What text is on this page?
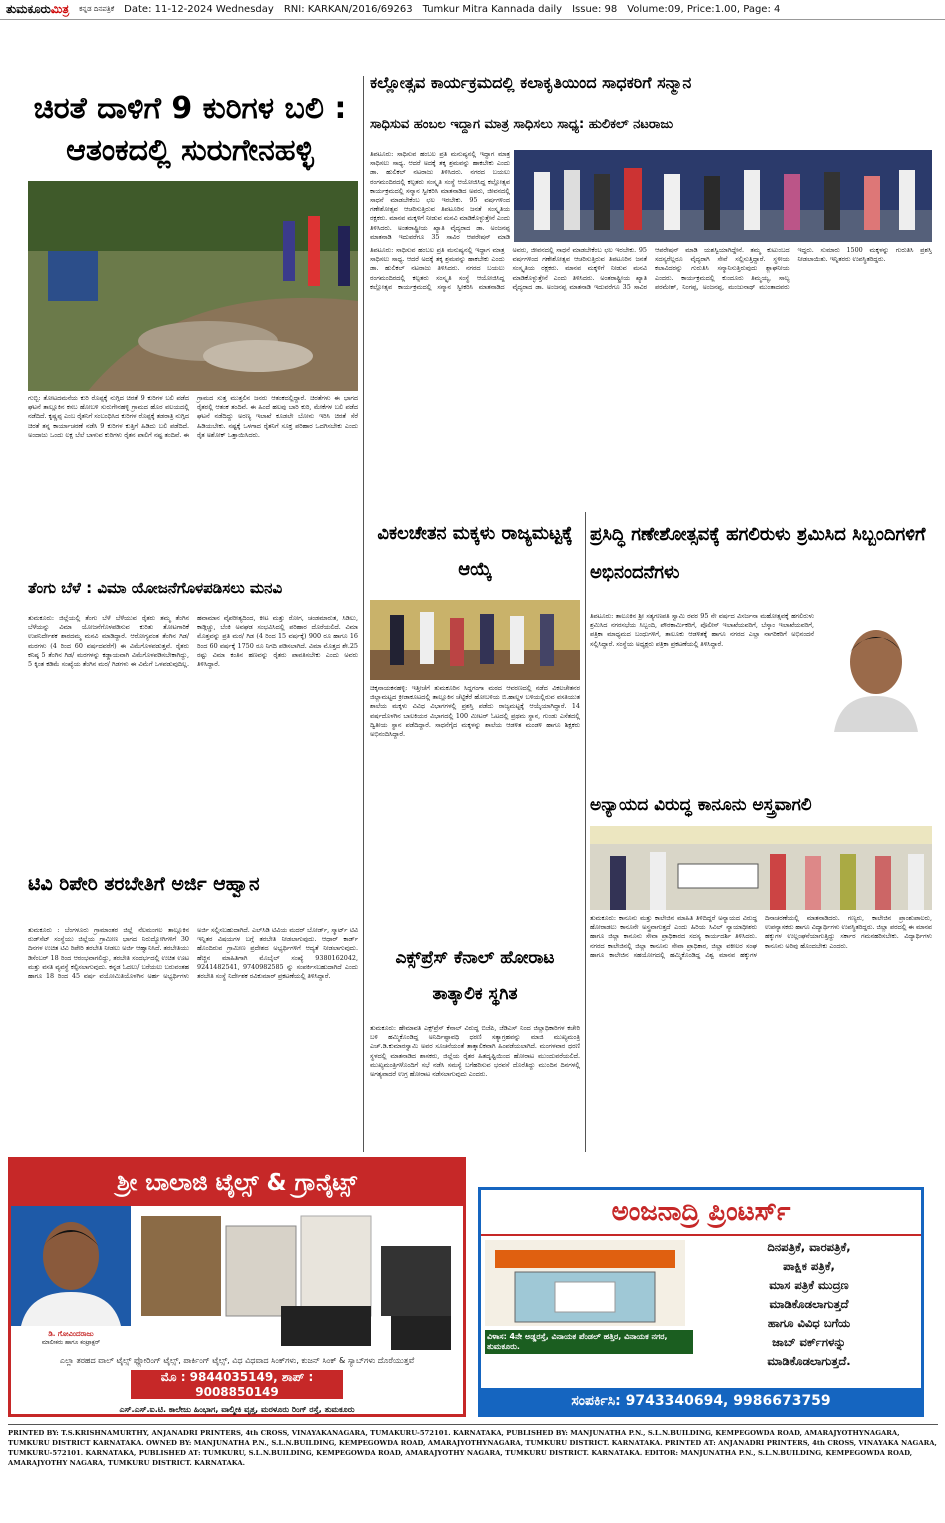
ತುಮಕೂರುಮಿತ್ರ ಕನ್ನಡ ದಿನಪತ್ರಿಕೆ Date: 11-12-2024 Wednesday RNI: KARKAN/2016/69263 Tumkur Mitra Kannada daily Issue: 98 Volume:09, Price:1.00, Page: 4
ಚಿರತೆ ದಾಳಿಗೆ 9 ಕುರಿಗಳ ಬಲಿ : ಆತಂಕದಲ್ಲಿ ಸುರುಗೇನಹಳ್ಳಿ
ಗುಬ್ಬಿ: ತೋಟದಮನೆಯ ಕುರಿ ರೊಪ್ಪಕ್ಕೆ ನುಗ್ಗಿದ ಚಿರತೆ 9 ಕುರಿಗಳ ಬಲಿ ಪಡೆದ ಘಟನೆ ತಾಲ್ಲೂಕಿನ ಕಸಬ ಹೋಬಳಿ ಸುರುಗೇನಹಳ್ಳಿ ಗ್ರಾಮದ ಹೊರ ವಲಯದಲ್ಲಿ ನಡೆದಿದೆ. ಕೃಷ್ಣಪ್ಪ ಎಂಬ ರೈತನಿಗೆ ಸಂಬಂಧಿಸಿದ ಕುರಿಗಳ ರೊಪ್ಪಕ್ಕೆ ತಡರಾತ್ರಿ ನುಗ್ಗಿದ ಚಿರತೆ ತನ್ನ ಕಾರ್ಯಾಚರಣೆ ನಡೆಸಿ 9 ಕುರಿಗಳ ಕುತ್ತಿಗೆ ಹಿಡಿದು ಬಲಿ ಪಡೆದಿದೆ. ಅಂದಾಜು ಒಂದು ಲಕ್ಷ ಬೆಲೆ ಬಾಳುವ ಕುರಿಗಳು ರೈತನ ಪಾಲಿಗೆ ನಷ್ಟ ತಂದಿವೆ. ಈ ಗ್ರಾಮದ ಸುತ್ತ ಮುತ್ತಲಿನ ಜನರು ಆತಂಕದಲ್ಲಿದ್ದಾರೆ. ಚಿರತೆಗಳು ಈ ಭಾಗದ ರೈತರಲ್ಲಿ ಆತಂಕ ತಂದಿವೆ. ಈ ಹಿಂದೆ ಹಲವು ಬಾರಿ ಕುರಿ, ಮೇಕೆಗಳ ಬಲಿ ಪಡೆದ ಘಟನೆ ನಡೆದಿದ್ದು ಅರಣ್ಯ ಇಲಾಖೆ ಕೂಡಲೇ ಬೋನು ಇರಿಸಿ ಚಿರತೆ ಸೆರೆ ಹಿಡಿಯಬೇಕು. ನಷ್ಟಕ್ಕೆ ಒಳಗಾದ ರೈತನಿಗೆ ಸೂಕ್ತ ಪರಿಹಾರ ಒದಗಿಸಬೇಕು ಎಂದು ರೈತ ಅಶೋಕ್ ಒತ್ತಾಯಿಸಿದರು.
ತೆಂಗು ಬೆಳೆ : ವಿಮಾ ಯೋಜನೆಗೊಳಪಡಿಸಲು ಮನವಿ
ತುಮಕೂರು: ಜಿಲ್ಲೆಯಲ್ಲಿ ತೆಂಗು ಬೆಳೆ ಬೆಳೆಯುವ ರೈತರು ತಮ್ಮ ತೆಂಗಿನ ಬೆಳೆಯನ್ನು ವಿಮಾ ಯೋಜನೆಗೊಳಪಡಿಸುವ ಕುರಿತು ತೋಟಗಾರಿಕೆ ಉಪನಿರ್ದೇಶಕ ಶಾರದಮ್ಮ ಮನವಿ ಮಾಡಿದ್ದಾರೆ. ಆರೋಗ್ಯವಂತ ತೆಂಗಿನ ಗಿಡ/ ಮರಗಳು (4 ರಿಂದ 60 ವರ್ಷದವರೆಗೆ) ಈ ವಿಮೆಗೊಳಪಡುತ್ತವೆ. ರೈತರು ಕನಿಷ್ಠ 5 ತೆಂಗಿನ ಗಿಡ/ ಮರಗಳನ್ನು ಕಡ್ಡಾಯವಾಗಿ ವಿಮೆಗೊಳಪಡಿಸಬೇಕಾಗಿದ್ದು, 5 ಕ್ಕಿಂತ ಕಡಿಮೆ ಸಂಖ್ಯೆಯ ತೆಂಗಿನ ಮರ/ ಗಿಡಗಳು ಈ ವಿಮೆಗೆ ಒಳಪಡುವುದಿಲ್ಲ. ಹವಾಮಾನ ವೈಪರೀತ್ಯದಿಂದ, ಕೀಟ ಮತ್ತು ರೋಗ, ಚಂಡಮಾರುತ, ಸಿಡಿಲು, ಕಾಡ್ಗಿಚ್ಚು, ಬೆಂಕಿ ಅವಘಡ ಸಂಭವಿಸಿದಲ್ಲಿ ಪರಿಹಾರ ದೊರೆಯಲಿದೆ. ವಿಮಾ ಮೊತ್ತವನ್ನು ಪ್ರತಿ ಮರ/ ಗಿಡ (4 ರಿಂದ 15 ವರ್ಷಕ್ಕೆ) 900 ರೂ ಹಾಗೂ 16 ರಿಂದ 60 ವರ್ಷಕ್ಕೆ 1750 ರೂ ನಿಗದಿ ಪಡಿಸಲಾಗಿದೆ. ವಿಮಾ ಮೊತ್ತದ ಶೇ.25 ರಷ್ಟು ವಿಮಾ ಕಂತಿನ ಹಣವನ್ನು ರೈತರು ಪಾವತಿಸಬೇಕು ಎಂದು ಅವರು ತಿಳಿಸಿದ್ದಾರೆ.
ಟಿವಿ ರಿಪೇರಿ ತರಬೇತಿಗೆ ಅರ್ಜಿ ಆಹ್ವಾನ
ತುಮಕೂರು : ಬೆಂಗಳೂರು ಗ್ರಾಮಾಂತರ ಜಿಲ್ಲೆ ನೆಲಮಂಗಲ ತಾಲ್ಲೂಕಿನ ರುಡ್‌ಸೆಟ್ ಸಂಸ್ಥೆಯು ಜಿಲ್ಲೆಯ ಗ್ರಾಮೀಣ ಭಾಗದ ನಿರುದ್ಯೋಗಿಗಳಿಗೆ 30 ದಿನಗಳ ಉಚಿತ ಟಿವಿ ರಿಪೇರಿ ತರಬೇತಿ ನೀಡಲು ಅರ್ಜಿ ಆಹ್ವಾನಿಸಿದೆ. ತರಬೇತಿಯು ಡಿಸೆಂಬರ್ 18 ರಿಂದ ಆರಂಭವಾಗಲಿದ್ದು, ತರಬೇತಿ ಸಂದರ್ಭದಲ್ಲಿ ಉಚಿತ ಊಟ ಮತ್ತು ವಸತಿ ವ್ಯವಸ್ಥೆ ಕಲ್ಪಿಸಲಾಗುವುದು. ಕನ್ನಡ ಓದಲು/ ಬರೆಯಲು ಬರುವಂತಹ ಹಾಗೂ 18 ರಿಂದ 45 ವರ್ಷ ವಯೋಮಿತಿಯೊಳಗಿನ ಅರ್ಹ ಅಭ್ಯರ್ಥಿಗಳು ಅರ್ಜಿ ಸಲ್ಲಿಸಬಹುದಾಗಿದೆ. ಎಲ್‌ಸಿಡಿ ಟಿವಿಯ ಮದರ್ ಬೋರ್ಡ್, ಸ್ಮಾರ್ಟ್ ಟಿವಿ ಇನ್ನಿತರ ವಿಷಯಗಳ ಬಗ್ಗೆ ತರಬೇತಿ ನೀಡಲಾಗುವುದು. ಆಧಾರ್ ಕಾರ್ಡ್ ಹೊಂದಿರುವ ಗ್ರಾಮೀಣ ಪ್ರದೇಶದ ಅಭ್ಯರ್ಥಿಗಳಿಗೆ ಆದ್ಯತೆ ನೀಡಲಾಗುವುದು. ಹೆಚ್ಚಿನ ಮಾಹಿತಿಗಾಗಿ ಮೊಬೈಲ್ ಸಂಖ್ಯೆ 9380162042, 9241482541, 9740982585 ನ್ನು ಸಂಪರ್ಕಿಸಬಹುದಾಗಿದೆ ಎಂದು ತರಬೇತಿ ಸಂಸ್ಥೆ ನಿರ್ದೇಶಕ ರವಿಕುಮಾರ್ ಪ್ರಕಟಣೆಯಲ್ಲಿ ತಿಳಿಸಿದ್ದಾರೆ.
ಕಲ್ಲೋತ್ಸವ ಕಾರ್ಯಕ್ರಮದಲ್ಲಿ ಕಲಾಕೃತಿಯಿಂದ ಸಾಧಕರಿಗೆ ಸನ್ಮಾನ
ಸಾಧಿಸುವ ಹಂಬಲ ಇದ್ದಾಗ ಮಾತ್ರ ಸಾಧಿಸಲು ಸಾಧ್ಯ: ಹುಲಿಕಲ್ ನಟರಾಜು
ತಿಪಟೂರು: ಸಾಧಿಸುವ ಹಂಬಲ ಪ್ರತಿ ಮನುಷ್ಯನಲ್ಲಿ ಇದ್ದಾಗ ಮಾತ್ರ ಸಾಧಿಸಲು ಸಾಧ್ಯ. ಆದರೆ ಅದಕ್ಕೆ ತಕ್ಕ ಶ್ರಮವನ್ನು ಹಾಕಬೇಕು ಎಂದು ಡಾ. ಹುಲಿಕಲ್ ನಟರಾಜು ತಿಳಿಸಿದರು. ನಗರದ ಬಯಲು ರಂಗಮಂದಿರದಲ್ಲಿ ಕಲ್ಪತರು ಸಂಸ್ಕೃತಿ ಸಂಸ್ಥೆ ಆಯೋಜಿಸಿದ್ದ ಕಲ್ಲೋತ್ಸವ ಕಾರ್ಯಕ್ರಮದಲ್ಲಿ ಸನ್ಮಾನ ಸ್ವೀಕರಿಸಿ ಮಾತನಾಡಿದ ಅವರು, ಜೀವನದಲ್ಲಿ ಸಾಧನೆ ಮಾಡಬೇಕೆಂಬ ಛಲ ಇರಬೇಕು. 95 ವರ್ಷಗಳಿಂದ ಗಣೇಶೋತ್ಸವ ಆಚರಿಸುತ್ತಿರುವ ತಿಪಟೂರಿನ ಜನತೆ ಸಂಸ್ಕೃತಿಯ ರಕ್ಷಕರು. ಮಾನವ ಮಕ್ಕಳಿಗೆ ನೀಡುವ ಮನವಿ ಮಾಡಿಕೊಳ್ಳುತ್ತೇನೆ ಎಂದು ತಿಳಿಸಿದರು. ಅಂತರಾಷ್ಟ್ರೀಯ ಖ್ಯಾತಿ ವೈದ್ಯರಾದ ಡಾ. ಅಂಜನಪ್ಪ ಮಾತನಾಡಿ ಇದುವರೆಗೂ 35 ಸಾವಿರ ಆಪರೇಷನ್ ಮಾಡಿ
ತಿಪಟೂರು: ಸಾಧಿಸುವ ಹಂಬಲ ಪ್ರತಿ ಮನುಷ್ಯನಲ್ಲಿ ಇದ್ದಾಗ ಮಾತ್ರ ಸಾಧಿಸಲು ಸಾಧ್ಯ. ಆದರೆ ಅದಕ್ಕೆ ತಕ್ಕ ಶ್ರಮವನ್ನು ಹಾಕಬೇಕು ಎಂದು ಡಾ. ಹುಲಿಕಲ್ ನಟರಾಜು ತಿಳಿಸಿದರು. ನಗರದ ಬಯಲು ರಂಗಮಂದಿರದಲ್ಲಿ ಕಲ್ಪತರು ಸಂಸ್ಕೃತಿ ಸಂಸ್ಥೆ ಆಯೋಜಿಸಿದ್ದ ಕಲ್ಲೋತ್ಸವ ಕಾರ್ಯಕ್ರಮದಲ್ಲಿ ಸನ್ಮಾನ ಸ್ವೀಕರಿಸಿ ಮಾತನಾಡಿದ ಅವರು, ಜೀವನದಲ್ಲಿ ಸಾಧನೆ ಮಾಡಬೇಕೆಂಬ ಛಲ ಇರಬೇಕು. 95 ವರ್ಷಗಳಿಂದ ಗಣೇಶೋತ್ಸವ ಆಚರಿಸುತ್ತಿರುವ ತಿಪಟೂರಿನ ಜನತೆ ಸಂಸ್ಕೃತಿಯ ರಕ್ಷಕರು. ಮಾನವ ಮಕ್ಕಳಿಗೆ ನೀಡುವ ಮನವಿ ಮಾಡಿಕೊಳ್ಳುತ್ತೇನೆ ಎಂದು ತಿಳಿಸಿದರು. ಅಂತರಾಷ್ಟ್ರೀಯ ಖ್ಯಾತಿ ವೈದ್ಯರಾದ ಡಾ. ಅಂಜನಪ್ಪ ಮಾತನಾಡಿ ಇದುವರೆಗೂ 35 ಸಾವಿರ ಆಪರೇಷನ್ ಮಾಡಿ ಯಶಸ್ವಿಯಾಗಿದ್ದೇನೆ. ತಮ್ಮ ಕುಟುಂಬದ ಸದಸ್ಯರೆಲ್ಲರೂ ವೈದ್ಯರಾಗಿ ಸೇವೆ ಸಲ್ಲಿಸುತ್ತಿದ್ದಾರೆ. ಸ್ಥಳೀಯ ಕಲಾವಿದರನ್ನು ಗುರುತಿಸಿ ಸನ್ಮಾನಿಸುತ್ತಿರುವುದು ಶ್ಲಾಘನೀಯ ಎಂದರು. ಕಾರ್ಯಕ್ರಮದಲ್ಲಿ ಕುಂದೂರು ತಿಮ್ಮಯ್ಯ, ಸಾಲ್ಯ ಪರಮೇಶ್, ನಿಂಗಪ್ಪ, ಅಂಜನಪ್ಪ, ಮಂಜುನಾಥ್ ಮುಂತಾದವರು ಇದ್ದರು. ಸುಮಾರು 1500 ಮಕ್ಕಳನ್ನು ಗುರುತಿಸಿ ಪ್ರಶಸ್ತಿ ನೀಡಲಾಯಿತು. ಇನ್ನಿತರರು ಉಪಸ್ಥಿತರಿದ್ದರು.
ವಿಕಲಚೇತನ ಮಕ್ಕಳು ರಾಜ್ಯಮಟ್ಟಕ್ಕೆ ಆಯ್ಕೆ
ಚಿಕ್ಕನಾಯಕನಹಳ್ಳಿ: ಇತ್ತೀಚೆಗೆ ತುಮಕೂರಿನ ಸಿದ್ದಗಂಗಾ ಮಠದ ಆವರಣದಲ್ಲಿ ನಡೆದ ವಿಕಲಚೇತನರ ಜಿಲ್ಲಾಮಟ್ಟದ ಕ್ರೀಡಾಕೂಟದಲ್ಲಿ ತಾಲ್ಲೂಕಿನ ಚೆಟ್ಟಿಕೆರೆ ಹೋಬಳಿಯ ಬಿ.ಹಾಲ್ದಳ ಬಳಿಯಲ್ಲಿರುವ ವಸತಿಯುತ ಶಾಲೆಯ ಮಕ್ಕಳು ವಿವಿಧ ವಿಭಾಗಗಳಲ್ಲಿ ಪ್ರಶಸ್ತಿ ಪಡೆದು ರಾಜ್ಯಮಟ್ಟಕ್ಕೆ ಆಯ್ಕೆಯಾಗಿದ್ದಾರೆ. 14 ವರ್ಷದೊಳಗಿನ ಬಾಲಕಿಯರ ವಿಭಾಗದಲ್ಲಿ 100 ಮೀಟರ್ ಓಟದಲ್ಲಿ ಪ್ರಥಮ ಸ್ಥಾನ, ಗುಂಡು ಎಸೆತದಲ್ಲಿ ದ್ವಿತೀಯ ಸ್ಥಾನ ಪಡೆದಿದ್ದಾರೆ. ಸಾಧನೆಗೈದ ಮಕ್ಕಳನ್ನು ಶಾಲೆಯ ಆಡಳಿತ ಮಂಡಳಿ ಹಾಗೂ ಶಿಕ್ಷಕರು ಅಭಿನಂದಿಸಿದ್ದಾರೆ.
ಎಕ್ಸ್‌ಪ್ರೆಸ್ ಕೆನಾಲ್ ಹೋರಾಟ ತಾತ್ಕಾಲಿಕ ಸ್ಥಗಿತ
ತುಮಕೂರು: ಹೇಮಾವತಿ ಎಕ್ಸ್‌ಪ್ರೆಸ್ ಕೆನಾಲ್ ವಿರುದ್ಧ ಬಿಜೆಪಿ, ಜೆಡಿಎಸ್ ನಿಂದ ಜಿಲ್ಲಾಧಿಕಾರಿಗಳ ಕಚೇರಿ ಬಳಿ ಹಮ್ಮಿಕೊಂಡಿದ್ದ ಅನಿರ್ದಿಷ್ಟಾವಧಿ ಧರಣಿ ಸತ್ಯಾಗ್ರಹವನ್ನು ಮಾಜಿ ಮುಖ್ಯಮಂತ್ರಿ ಎಚ್.ಡಿ.ಕುಮಾರಸ್ವಾಮಿ ಅವರ ಸೂಚನೆಯಂತೆ ತಾತ್ಕಾಲಿಕವಾಗಿ ಹಿಂಪಡೆಯಲಾಗಿದೆ. ಮಂಗಳವಾರ ಧರಣಿ ಸ್ಥಳದಲ್ಲಿ ಮಾತನಾಡಿದ ಶಾಸಕರು, ಜಿಲ್ಲೆಯ ರೈತರ ಹಿತದೃಷ್ಟಿಯಿಂದ ಹೋರಾಟ ಮುಂದುವರೆಯಲಿದೆ. ಮುಖ್ಯಮಂತ್ರಿಗಳೊಂದಿಗೆ ಸಭೆ ನಡೆಸಿ ಸಮಸ್ಯೆ ಬಗೆಹರಿಸುವ ಭರವಸೆ ದೊರೆತಿದ್ದು ಮುಂದಿನ ದಿನಗಳಲ್ಲಿ ಅಗತ್ಯವಾದರೆ ಉಗ್ರ ಹೋರಾಟ ನಡೆಸಲಾಗುವುದು ಎಂದರು.
ಪ್ರಸಿದ್ಧಿ ಗಣೇಶೋತ್ಸವಕ್ಕೆ ಹಗಲಿರುಳು ಶ್ರಮಿಸಿದ ಸಿಬ್ಬಂದಿಗಳಿಗೆ ಅಭಿನಂದನೆಗಳು
ತಿಪಟೂರು: ತಾಲೂಕಿನ ಶ್ರೀ ಸತ್ಯಗಣಪತಿ ಸ್ವಾಮಿ ರವರ 95 ನೇ ವರ್ಷದ ವಿಸರ್ಜನಾ ಮಹೋತ್ಸವಕ್ಕೆ ಹಗಲಿರುಳು ಶ್ರಮಿಸಿದ ನಗರಸಭೆಯ ಸಿಬ್ಬಂದಿ, ಪೌರಕಾರ್ಮಿಕರಿಗೆ, ಪೊಲೀಸ್ ಇಲಾಖೆಯವರಿಗೆ, ಬೆಸ್ಕಾಂ ಇಲಾಖೆಯವರಿಗೆ, ಪತ್ರಿಕಾ ಮಾಧ್ಯಮದ ಬಂಧುಗಳಿಗೆ, ತಾಲೂಕು ಆಡಳಿತಕ್ಕೆ ಹಾಗೂ ನಗರದ ಎಲ್ಲಾ ನಾಗರಿಕರಿಗೆ ಅಭಿನಂದನೆ ಸಲ್ಲಿಸಿದ್ದಾರೆ. ಸಂಸ್ಥೆಯ ಅಧ್ಯಕ್ಷರು ಪತ್ರಿಕಾ ಪ್ರಕಟಣೆಯಲ್ಲಿ ತಿಳಿಸಿದ್ದಾರೆ.
ಅನ್ಯಾಯದ ವಿರುದ್ಧ ಕಾನೂನು ಅಸ್ತ್ರವಾಗಲಿ
ತುಮಕೂರು: ಕಾನೂನು ಮತ್ತು ಕಾಲೇಜಿನ ಮಾಹಿತಿ ತಿಳಿದಿದ್ದರೆ ಅನ್ಯಾಯದ ವಿರುದ್ಧ ಹೋರಾಡಲು ಕಾನೂನೇ ಅಸ್ತ್ರವಾಗುತ್ತದೆ ಎಂದು ಹಿರಿಯ ಸಿವಿಲ್ ನ್ಯಾಯಾಧೀಶರು ಹಾಗೂ ಜಿಲ್ಲಾ ಕಾನೂನು ಸೇವಾ ಪ್ರಾಧಿಕಾರದ ಸದಸ್ಯ ಕಾರ್ಯದರ್ಶಿ ತಿಳಿಸಿದರು. ನಗರದ ಕಾಲೇಜಿನಲ್ಲಿ ಜಿಲ್ಲಾ ಕಾನೂನು ಸೇವಾ ಪ್ರಾಧಿಕಾರ, ಜಿಲ್ಲಾ ವಕೀಲರ ಸಂಘ ಹಾಗೂ ಕಾಲೇಜಿನ ಸಹಯೋಗದಲ್ಲಿ ಹಮ್ಮಿಕೊಂಡಿದ್ದ ವಿಶ್ವ ಮಾನವ ಹಕ್ಕುಗಳ ದಿನಾಚರಣೆಯಲ್ಲಿ ಮಾತನಾಡಿದರು. ಗಣ್ಯರು, ಕಾಲೇಜಿನ ಪ್ರಾಂಶುಪಾಲರು, ಉಪನ್ಯಾಸಕರು ಹಾಗೂ ವಿದ್ಯಾರ್ಥಿಗಳು ಉಪಸ್ಥಿತರಿದ್ದರು. ಜಿಲ್ಲಾ ಪರದಲ್ಲಿ ಈ ಮಾನವ ಹಕ್ಕುಗಳ ಉಲ್ಲಂಘನೆಯಾಗುತ್ತಿದ್ದು ಸರ್ಕಾರ ಗಮನಹರಿಸಬೇಕು. ವಿದ್ಯಾರ್ಥಿಗಳು ಕಾನೂನು ಅರಿವು ಹೊಂದಬೇಕು ಎಂದರು.
ಶ್ರೀ ಬಾಲಾಜಿ ಟೈಲ್ಸ್ & ಗ್ರಾನೈಟ್ಸ್
ಡಿ. ಗೋವಿಂದರಾಜು
ಮಾಲೀಕರು ಹಾಗೂ ಕಂಟ್ರಾಕ್ಟರ್
ಎಲ್ಲಾ ತರಹದ ವಾಲ್ ಟೈಲ್ಸ್ ಫ್ಲೋರಿಂಗ್ ಟೈಲ್ಸ್, ಪಾರ್ಕಿಂಗ್ ಟೈಲ್ಸ್, ವಿಧ ವಿಧವಾದ ಸಿಂಕ್‌ಗಳು, ಕುಜನ್ ಸಿಂಕ್ & ಸ್ಯಾಬ್‌ಗಳು ದೊರೆಯುತ್ತವೆ
ಮೊ : 9844035149, ಶಾಪ್ : 9008850149
ಎಸ್.ಎಸ್.ಐ.ಟಿ. ಕಾಲೇಜು ಹಿಂಭಾಗ, ವಾಲ್ಮೀಕಿ ವೃತ್ತ, ಮರಳೂರು ರಿಂಗ್ ರಸ್ತೆ, ತುಮಕೂರು
ಅಂಜನಾದ್ರಿ ಪ್ರಿಂಟರ್ಸ್
ವಿಳಾಸ: 4ನೇ ಅಡ್ಡರಸ್ತೆ, ವಿನಾಯಕ ಪೆಂಡಲ್ ಹತ್ತಿರ, ವಿನಾಯಕ ನಗರ, ತುಮಕೂರು.
ದಿನಪತ್ರಿಕೆ, ವಾರಪತ್ರಿಕೆ,
ಪಾಕ್ಷಿಕ ಪತ್ರಿಕೆ,
ಮಾಸ ಪತ್ರಿಕೆ ಮುದ್ರಣ
ಮಾಡಿಕೊಡಲಾಗುತ್ತದೆ
ಹಾಗೂ ವಿವಿಧ ಬಗೆಯ
ಜಾಬ್ ವರ್ಕ್‌ಗಳನ್ನು
ಮಾಡಿಕೊಡಲಾಗುತ್ತದೆ.
ಸಂಪರ್ಕಿಸಿ: 9743340694, 9986673759
PRINTED BY: T.S.KRISHNAMURTHY, ANJANADRI PRINTERS, 4th CROSS, VINAYAKANAGARA, TUMAKURU-572101. KARNATAKA, PUBLISHED BY: MANJUNATHA P.N., S.L.N.BUILDING, KEMPEGOWDA ROAD, AMARAJYOTHYNAGARA, TUMKURU DISTRICT KARNATAKA. OWNED BY: MANJUNATHA P.N., S.L.N.BUILDING, KEMPEGOWDA ROAD, AMARAJYOTHYNAGARA, TUMKURU DISTRICT. KARNATAKA. PRINTED AT: ANJANADRI PRINTERS, 4th CROSS, VINAYAKA NAGARA, TUMKURU-572101. KARNATAKA, PUBLISHED AT: TUMKURU, S.L.N.BUILDING, KEMPEGOWDA ROAD, AMARAJYOTHY NAGARA, TUMKURU DISTRICT. KARNATAKA. EDITOR: MANJUNATHA P.N., S.L.N.BUILDING, KEMPEGOWDA ROAD, AMARAJYOTHY NAGARA, TUMKURU DISTRICT. KARNATAKA.
